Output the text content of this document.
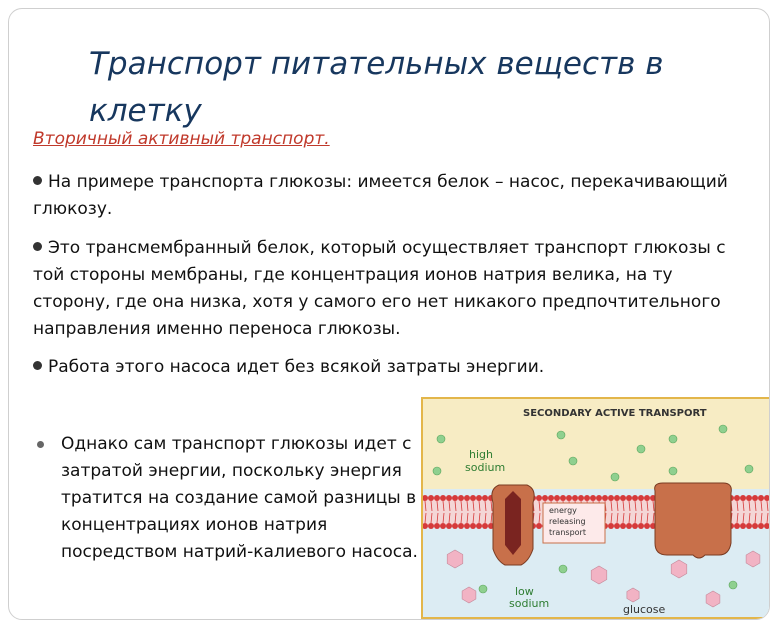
Транспорт питательных веществ в клетку

Вторичный активный транспорт.

На примере транспорта глюкозы: имеется белок – насос, перекачивающий глюкозу.
Это трансмембранный белок, который осуществляет транспорт глюкозы с той стороны мембраны, где концентрация ионов натрия велика, на ту сторону, где она низка, хотя у самого его нет никакого предпочтительного направления именно переноса глюкозы.
Работа этого насоса идет без всякой затраты энергии.
Однако сам транспорт глюкозы идет с затратой энергии, поскольку энергия тратится на создание самой разницы в концентрациях ионов натрия посредством натрий-калиевого насоса.
SECONDARY ACTIVE TRANSPORT
high
sodium
energy
releasing
transport
low
sodium	glucose
